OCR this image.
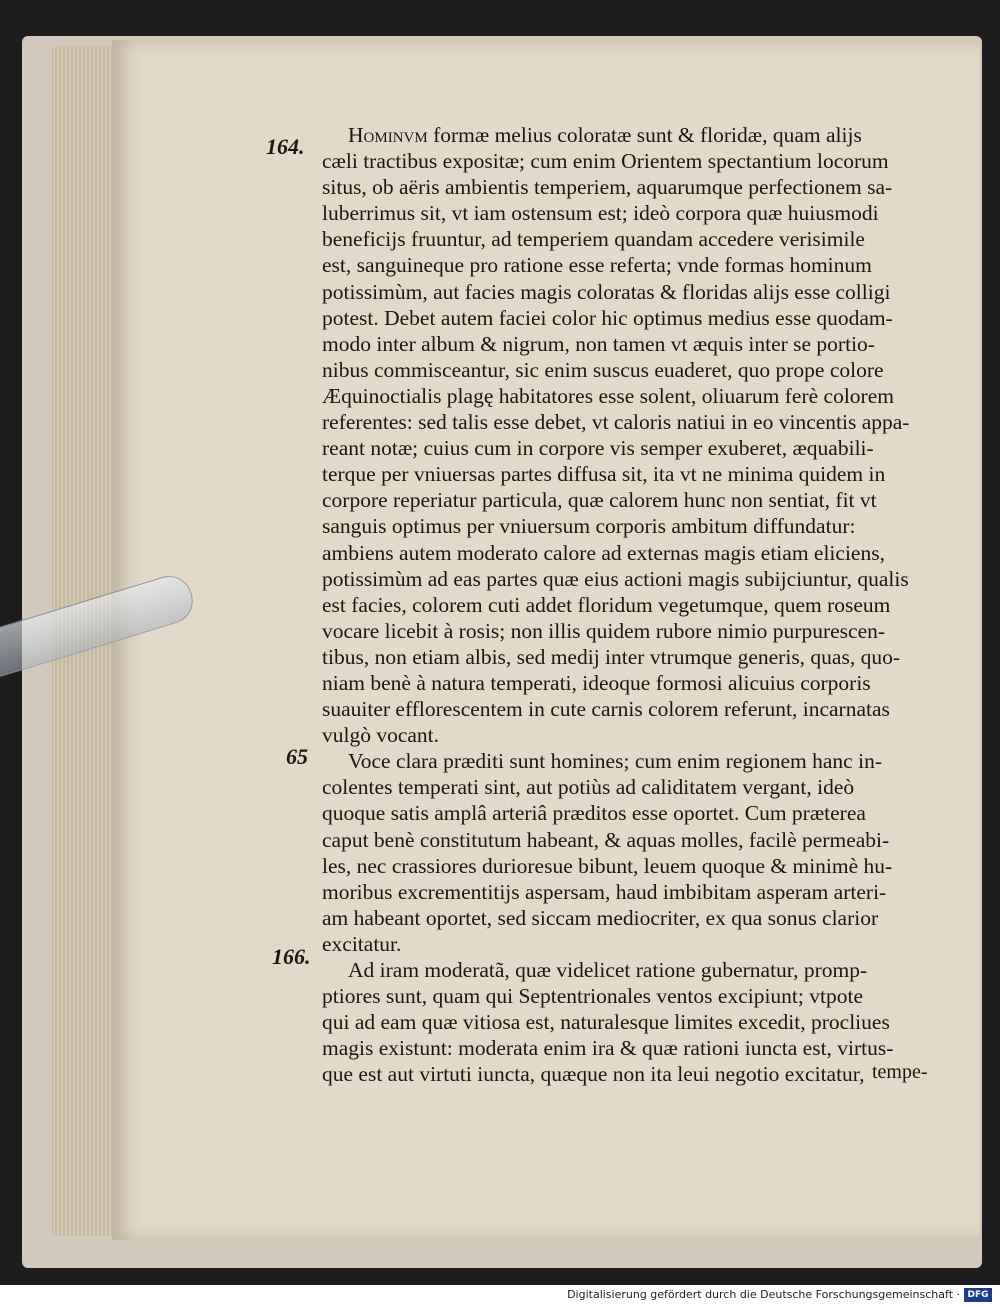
164.
65
166.
Hominvm formæ melius coloratæ sunt & floridæ, quam alijs
cæli tractibus expositæ; cum enim Orientem spectantium locorum
situs, ob aëris ambientis temperiem, aquarumque perfectionem sa-
luberrimus sit, vt iam ostensum est; ideò corpora quæ huiusmodi
beneficijs fruuntur, ad temperiem quandam accedere verisimile
est, sanguineque pro ratione esse referta; vnde formas hominum
potissimùm, aut facies magis coloratas & floridas alijs esse colligi
potest. Debet autem faciei color hic optimus medius esse quodam-
modo inter album & nigrum, non tamen vt æquis inter se portio-
nibus commisceantur, sic enim suscus euaderet, quo prope colore
Æquinoctialis plagę habitatores esse solent, oliuarum ferè colorem
referentes: sed talis esse debet, vt caloris natiui in eo vincentis appa-
reant notæ; cuius cum in corpore vis semper exuberet, æquabili-
terque per vniuersas partes diffusa sit, ita vt ne minima quidem in
corpore reperiatur particula, quæ calorem hunc non sentiat, fit vt
sanguis optimus per vniuersum corporis ambitum diffundatur:
ambiens autem moderato calore ad externas magis etiam eliciens,
potissimùm ad eas partes quæ eius actioni magis subijciuntur, qualis
est facies, colorem cuti addet floridum vegetumque, quem roseum
vocare licebit à rosis; non illis quidem rubore nimio purpurescen-
tibus, non etiam albis, sed medij inter vtrumque generis, quas, quo-
niam benè à natura temperati, ideoque formosi alicuius corporis
suauiter efflorescentem in cute carnis colorem referunt, incarnatas
vulgò vocant.
Voce clara præditi sunt homines; cum enim regionem hanc in-
colentes temperati sint, aut potiùs ad caliditatem vergant, ideò
quoque satis amplâ arteriâ præditos esse oportet. Cum præterea
caput benè constitutum habeant, & aquas molles, facilè permeabi-
les, nec crassiores durioresue bibunt, leuem quoque & minimè hu-
moribus excrementitijs aspersam, haud imbibitam asperam arteri-
am habeant oportet, sed siccam mediocriter, ex qua sonus clarior
excitatur.
Ad iram moderatã, quæ videlicet ratione gubernatur, promp-
ptiores sunt, quam qui Septentrionales ventos excipiunt; vtpote
qui ad eam quæ vitiosa est, naturalesque limites excedit, procliues
magis existunt: moderata enim ira & quæ rationi iuncta est, virtus-
que est aut virtuti iuncta, quæque non ita leui negotio excitatur, tempe-
Digitalisierung gefördert durch die Deutsche Forschungsgemeinschaft · DFG
